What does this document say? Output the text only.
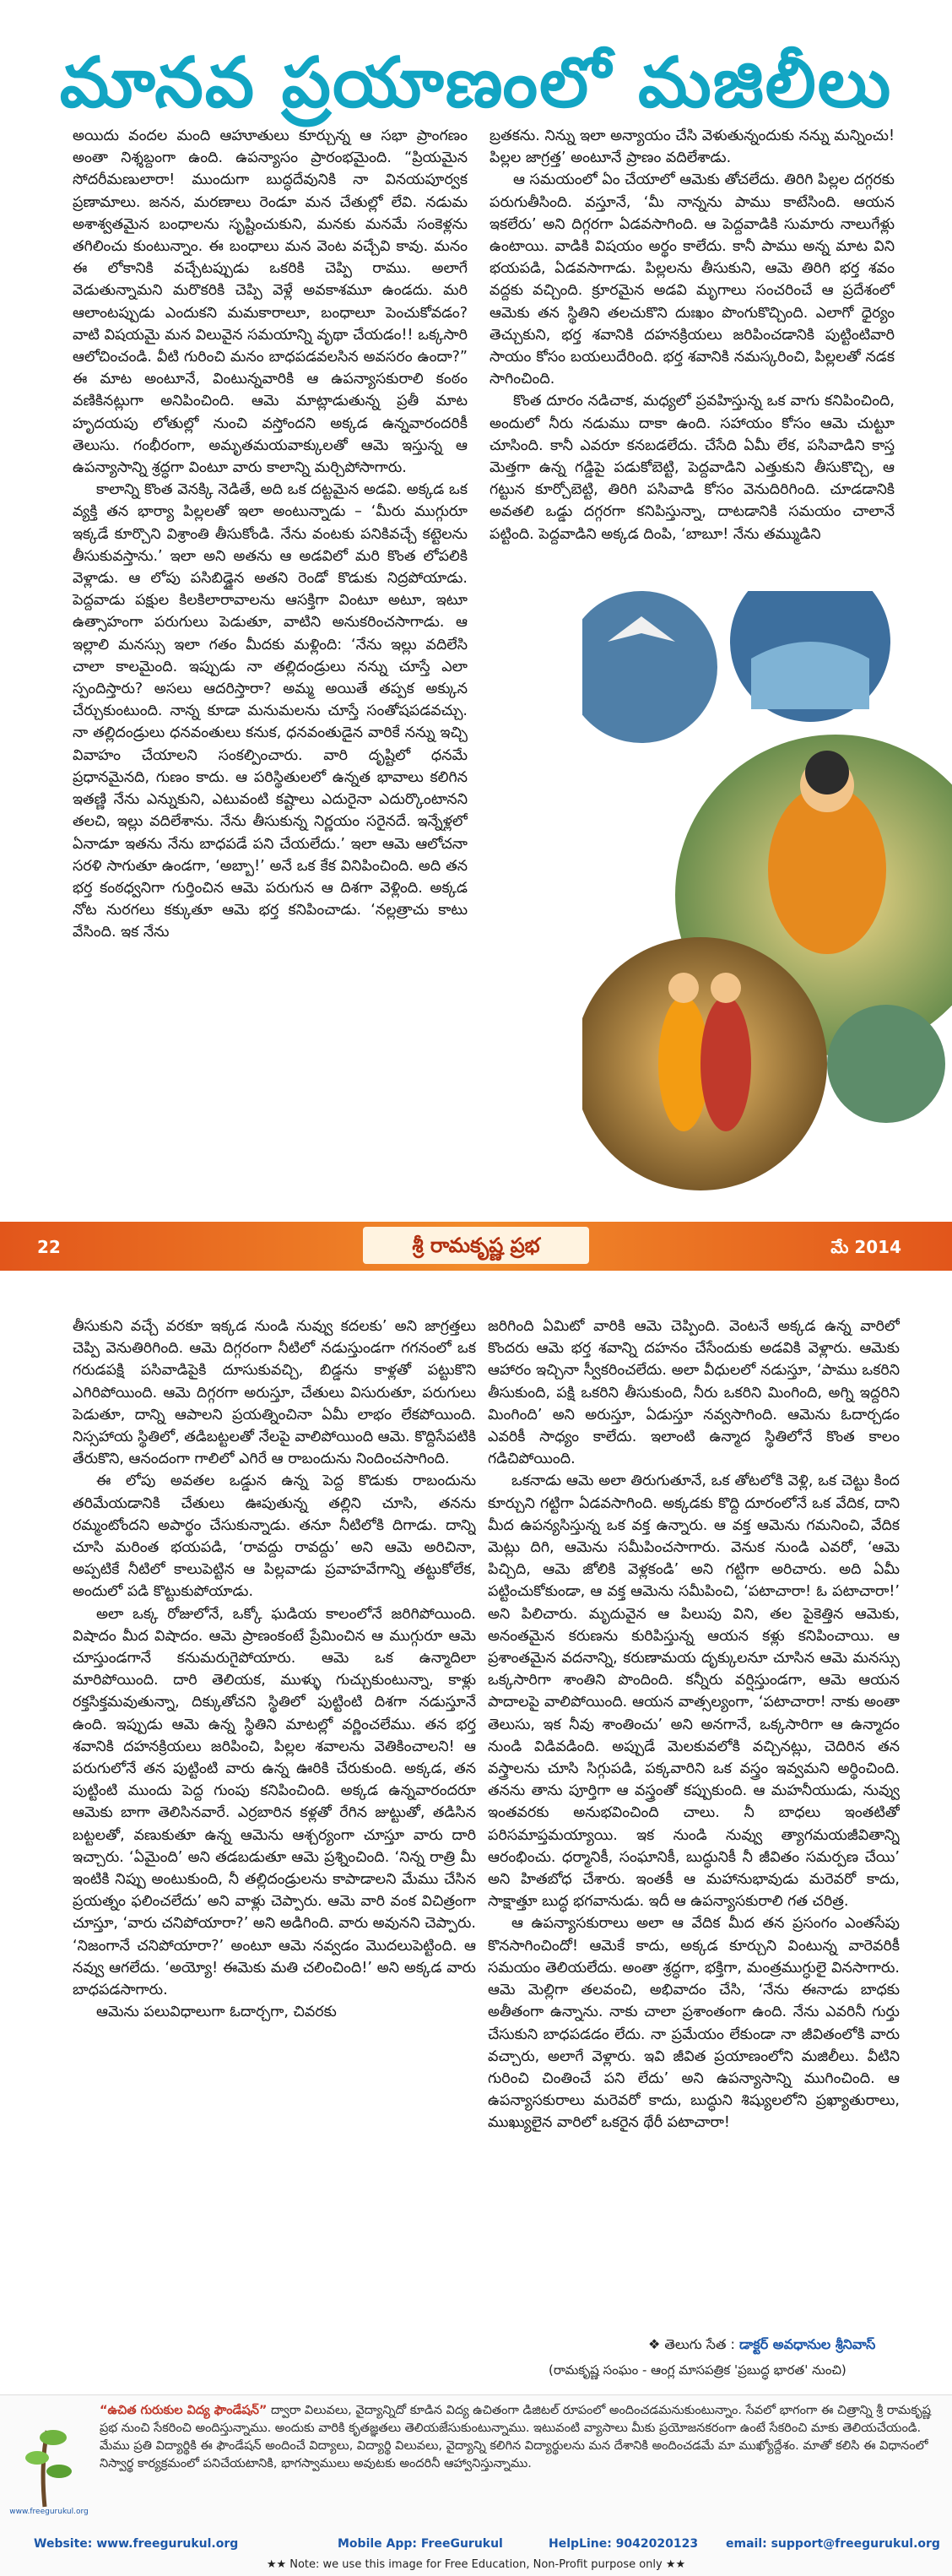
మానవ ప్రయాణంలో మజిలీలు

అయిదు వందల మంది ఆహూతులు కూర్చున్న ఆ సభా ప్రాంగణం అంతా నిశ్శబ్దంగా ఉంది. ఉపన్యాసం ప్రారంభమైంది. “ప్రియమైన సోదరీమణులారా! ముందుగా బుద్ధదేవునికి నా వినయపూర్వక ప్రణామాలు. జనన, మరణాలు రెండూ మన చేతుల్లో లేవి. నడుమ అశాశ్వతమైన బంధాలను సృష్టించుకుని, మనకు మనమే సంకెళ్లను తగిలించు కుంటున్నాం. ఈ బంధాలు మన వెంట వచ్చేవి కావు. మనం ఈ లోకానికి వచ్చేటప్పుడు ఒకరికి చెప్పి రాము. అలాగే వెడుతున్నామని మరొకరికి చెప్పి వెళ్లే అవకాశమూ ఉండదు. మరి ఆలాంటప్పుడు ఎందుకని మమకారాలూ, బంధాలూ పెంచుకోవడం? వాటి విషయమై మన విలువైన సమయాన్ని వృథా చేయడం!! ఒక్కసారి ఆలోచించండి. వీటి గురించి మనం బాధపడవలసిన అవసరం ఉందా?” ఈ మాట అంటూనే, వింటున్నవారికి ఆ ఉపన్యాసకురాలి కంఠం వణికినట్లుగా అనిపించింది. ఆమె మాట్లాడుతున్న ప్రతీ మాట హృదయపు లోతుల్లో నుంచి వస్తోందని అక్కడ ఉన్నవారందరికీ తెలుసు. గంభీరంగా, అమృతమయవాక్కులతో ఆమె ఇస్తున్న ఆ ఉపన్యాసాన్ని శ్రద్ధగా వింటూ వారు కాలాన్ని మర్చిపోసాగారు.

కాలాన్ని కొంత వెనక్కి నెడితే, అది ఒక దట్టమైన అడవి. అక్కడ ఒక వ్యక్తి తన భార్యా పిల్లలతో ఇలా అంటున్నాడు – ‘మీరు ముగ్గురూ ఇక్కడే కూర్చొని విశ్రాంతి తీసుకోండి. నేను వంటకు పనికివచ్చే కట్టెలను తీసుకువస్తాను.’ ఇలా అని అతను ఆ అడవిలో మరి కొంత లోపలికి వెళ్లాడు. ఆ లోపు పసిబిడ్డైన అతని రెండో కొడుకు నిద్రపోయాడు. పెద్దవాడు పక్షుల కిలకిలారావాలను ఆసక్తిగా వింటూ అటూ, ఇటూ ఉత్సాహంగా పరుగులు పెడుతూ, వాటిని అనుకరించసాగాడు. ఆ ఇల్లాలి మనస్సు ఇలా గతం మీదకు మళ్లింది: ‘నేను ఇల్లు వదిలేసి చాలా కాలమైంది. ఇప్పుడు నా తల్లిదండ్రులు నన్ను చూస్తే ఎలా స్పందిస్తారు? అసలు ఆదరిస్తారా? అమ్మ అయితే తప్పక అక్కున చేర్చుకుంటుంది. నాన్న కూడా మనుమలను చూస్తే సంతోషపడవచ్చు. నా తల్లిదండ్రులు ధనవంతులు కనుక, ధనవంతుడైన వారికే నన్ను ఇచ్చి వివాహం చేయాలని సంకల్పించారు. వారి దృష్టిలో ధనమే ప్రధానమైనది, గుణం కాదు. ఆ పరిస్థితులలో ఉన్నత భావాలు కలిగిన ఇతణ్ణి నేను ఎన్నుకుని, ఎటువంటి కష్టాలు ఎదురైనా ఎదుర్కొంటానని తలచి, ఇల్లు వదిలేశాను. నేను తీసుకున్న నిర్ణయం సరైనదే. ఇన్నేళ్లలో ఏనాడూ ఇతను నేను బాధపడే పని చేయలేదు.’ ఇలా ఆమె ఆలోచనా సరళి సాగుతూ ఉండగా, ‘అబ్బా!’ అనే ఒక కేక వినిపించింది. అది తన భర్త కంఠధ్వనిగా గుర్తించిన ఆమె పరుగున ఆ దిశగా వెళ్లింది. అక్కడ నోట నురగలు కక్కుతూ ఆమె భర్త కనిపించాడు. ‘నల్లత్రాచు కాటు వేసింది. ఇక నేను

బ్రతకను. నిన్ను ఇలా అన్యాయం చేసి వెళుతున్నందుకు నన్ను మన్నించు! పిల్లల జాగ్రత్త’ అంటూనే ప్రాణం వదిలేశాడు.

ఆ సమయంలో ఏం చేయాలో ఆమెకు తోచలేదు. తిరిగి పిల్లల దగ్గరకు పరుగుతీసింది. వస్తూనే, ‘మీ నాన్నను పాము కాటేసింది. ఆయన ఇకలేరు’ అని దిగ్గరగా ఏడవసాగింది. ఆ పెద్దవాడికి సుమారు నాలుగేళ్లు ఉంటాయి. వాడికి విషయం అర్థం కాలేదు. కానీ పాము అన్న మాట విని భయపడి, ఏడవసాగాడు. పిల్లలను తీసుకుని, ఆమె తిరిగి భర్త శవం వద్దకు వచ్చింది. క్రూరమైన అడవి మృగాలు సంచరించే ఆ ప్రదేశంలో ఆమెకు తన స్థితిని తలచుకొని దుఃఖం పొంగుకొచ్చింది. ఎలాగో ధైర్యం తెచ్చుకుని, భర్త శవానికి దహనక్రియలు జరిపించడానికి పుట్టింటివారి సాయం కోసం బయలుదేరింది. భర్త శవానికి నమస్కరించి, పిల్లలతో నడక సాగించింది.

కొంత దూరం నడిచాక, మధ్యలో ప్రవహిస్తున్న ఒక వాగు కనిపించింది, అందులో నీరు నడుము దాకా ఉంది. సహాయం కోసం ఆమె చుట్టూ చూసింది. కానీ ఎవరూ కనబడలేదు. చేసేది ఏమీ లేక, పసివాడిని కాస్త మెత్తగా ఉన్న గడ్డిపై పడుకోబెట్టి, పెద్దవాడిని ఎత్తుకుని తీసుకొచ్చి, ఆ గట్టున కూర్చోబెట్టి, తిరిగి పసివాడి కోసం వెనుదిరిగింది. చూడడానికి అవతలి ఒడ్డు దగ్గరగా కనిపిస్తున్నా, దాటడానికి సమయం చాలానే పట్టింది. పెద్దవాడిని అక్కడ దింపి, ‘బాబూ! నేను తమ్ముడిని

22	శ్రీ రామకృష్ణ ప్రభ	మే 2014

తీసుకుని వచ్చే వరకూ ఇక్కడ నుండి నువ్వు కదలకు’ అని జాగ్రత్తలు చెప్పి వెనుతిరిగింది. ఆమె దిగ్గరంగా నీటిలో నడుస్తుండగా గగనంలో ఒక గరుడపక్షి పసివాడిపైకి దూసుకువచ్చి, బిడ్డను కాళ్లతో పట్టుకొని ఎగిరిపోయింది. ఆమె దిగ్గరగా అరుస్తూ, చేతులు విసురుతూ, పరుగులు పెడుతూ, దాన్ని ఆపాలని ప్రయత్నించినా ఏమీ లాభం లేకపోయింది. నిస్సహాయ స్థితిలో, తడిబట్టలతో నేలపై వాలిపోయింది ఆమె. కొద్దిసేపటికి తేరుకొని, ఆనందంగా గాలిలో ఎగిరే ఆ రాబందును నిందించసాగింది.

ఈ లోపు అవతల ఒడ్డున ఉన్న పెద్ద కొడుకు రాబందును తరిమేయడానికి చేతులు ఊపుతున్న తల్లిని చూసి, తనను రమ్మంటోందని అపార్థం చేసుకున్నాడు. తనూ నీటిలోకి దిగాడు. దాన్ని చూసి మరింత భయపడి, ‘రావద్దు రావద్దు’ అని ఆమె అరిచినా, అప్పటికే నీటిలో కాలుపెట్టిన ఆ పిల్లవాడు ప్రవాహవేగాన్ని తట్టుకోలేక, అందులో పడి కొట్టుకుపోయాడు.

అలా ఒక్క రోజులోనే, ఒక్కో ఘడియ కాలంలోనే జరిగిపోయింది. విషాదం మీద విషాదం. ఆమె ప్రాణంకంటే ప్రేమించిన ఆ ముగ్గురూ ఆమె చూస్తుండగానే కనుమరుగైపోయారు. ఆమె ఒక ఉన్మాదిలా మారిపోయింది. దారి తెలియక, ముళ్ళు గుచ్చుకుంటున్నా, కాళ్లు రక్తసిక్తమవుతున్నా, దిక్కుతోచని స్థితిలో పుట్టింటి దిశగా నడుస్తూనే ఉంది. ఇప్పుడు ఆమె ఉన్న స్థితిని మాటల్లో వర్ణించలేము. తన భర్త శవానికి దహనక్రియలు జరిపించి, పిల్లల శవాలను వెతికించాలని! ఆ పరుగులోనే తన పుట్టింటి వారు ఉన్న ఊరికి చేరుకుంది. అక్కడ, తన పుట్టింటి ముందు పెద్ద గుంపు కనిపించింది. అక్కడ ఉన్నవారందరూ ఆమెకు బాగా తెలిసినవారే. ఎర్రబారిన కళ్లతో రేగిన జుట్టుతో, తడిసిన బట్టలతో, వణుకుతూ ఉన్న ఆమెను ఆశ్చర్యంగా చూస్తూ వారు దారి ఇచ్చారు. ‘ఏమైంది’ అని తడబడుతూ ఆమె ప్రశ్నించింది. ‘నిన్న రాత్రి మీ ఇంటికి నిప్పు అంటుకుంది, నీ తల్లిదండ్రులను కాపాడాలని మేము చేసిన ప్రయత్నం ఫలించలేదు’ అని వాళ్లు చెప్పారు. ఆమె వారి వంక విచిత్రంగా చూస్తూ, ‘వారు చనిపోయారా?’ అని అడిగింది. వారు అవునని చెప్పారు. ‘నిజంగానే చనిపోయారా?’ అంటూ ఆమె నవ్వడం మొదలుపెట్టింది. ఆ నవ్వు ఆగలేదు. ‘అయ్యో! ఈమెకు మతి చలించింది!’ అని అక్కడ వారు బాధపడసాగారు.

ఆమెను పలువిధాలుగా ఓదార్చగా, చివరకు

జరిగింది ఏమిటో వారికి ఆమె చెప్పింది. వెంటనే అక్కడ ఉన్న వారిలో కొందరు ఆమె భర్త శవాన్ని దహనం చేసేందుకు అడవికి వెళ్లారు. ఆమెకు ఆహారం ఇచ్చినా స్వీకరించలేదు. అలా వీధులలో నడుస్తూ, ‘పాము ఒకరిని తీసుకుంది, పక్షి ఒకరిని తీసుకుంది, నీరు ఒకరిని మింగింది, అగ్ని ఇద్దరిని మింగింది’ అని అరుస్తూ, ఏడుస్తూ నవ్వసాగింది. ఆమెను ఓదార్చడం ఎవరికీ సాధ్యం కాలేదు. ఇలాంటి ఉన్మాద స్థితిలోనే కొంత కాలం గడిచిపోయింది.

ఒకనాడు ఆమె అలా తిరుగుతూనే, ఒక తోటలోకి వెళ్లి, ఒక చెట్టు కింద కూర్చుని గట్టిగా ఏడవసాగింది. అక్కడకు కొద్ది దూరంలోనే ఒక వేదిక, దాని మీద ఉపన్యసిస్తున్న ఒక వక్త ఉన్నారు. ఆ వక్త ఆమెను గమనించి, వేదిక మెట్లు దిగి, ఆమెను సమీపించసాగారు. వెనుక నుండి ఎవరో, ‘ఆమె పిచ్చిది, ఆమె జోలికి వెళ్లకండి’ అని గట్టిగా అరిచారు. అది ఏమీ పట్టించుకోకుండా, ఆ వక్త ఆమెను సమీపించి, ‘పటాచారా! ఓ పటాచారా!’ అని పిలిచారు. మృదువైన ఆ పిలుపు విని, తల పైకెత్తిన ఆమెకు, అనంతమైన కరుణను కురిపిస్తున్న ఆయన కళ్లు కనిపించాయి. ఆ ప్రశాంతమైన వదనాన్ని, కరుణామయ దృక్కులనూ చూసిన ఆమె మనస్సు ఒక్కసారిగా శాంతిని పొందింది. కన్నీరు వర్షిస్తుండగా, ఆమె ఆయన పాదాలపై వాలిపోయింది. ఆయన వాత్సల్యంగా, ‘పటాచారా! నాకు అంతా తెలుసు, ఇక నీవు శాంతించు’ అని అనగానే, ఒక్కసారిగా ఆ ఉన్మాదం నుండి విడివడింది. అప్పుడే మెలకువలోకి వచ్చినట్లు, చెదిరిన తన వస్త్రాలను చూసి సిగ్గుపడి, పక్కవారిని ఒక వస్త్రం ఇవ్వమని అర్థించింది. తనను తాను పూర్తిగా ఆ వస్త్రంతో కప్పుకుంది. ఆ మహనీయుడు, నువ్వు ఇంతవరకు అనుభవించింది చాలు. నీ బాధలు ఇంతటితో పరిసమాప్తమయ్యాయి. ఇక నుండి నువ్వు త్యాగమయజీవితాన్ని ఆరంభించు. ధర్మానికీ, సంఘానికీ, బుద్ధునికీ నీ జీవితం సమర్పణ చేయి’ అని హితబోధ చేశారు. ఇంతకీ ఆ మహానుభావుడు మరెవరో కాదు, సాక్షాత్తూ బుద్ధ భగవానుడు. ఇదీ ఆ ఉపన్యాసకురాలి గత చరిత్ర.

ఆ ఉపన్యాసకురాలు అలా ఆ వేదిక మీద తన ప్రసంగం ఎంతసేపు కొనసాగించిందో! ఆమెకే కాదు, అక్కడ కూర్చుని వింటున్న వారెవరికీ సమయం తెలియలేదు. అంతా శ్రద్ధగా, భక్తిగా, మంత్రముగ్ధులై వినసాగారు. ఆమె మెల్లిగా తలవంచి, అభివాదం చేసి, ‘నేను ఈనాడు బాధకు అతీతంగా ఉన్నాను. నాకు చాలా ప్రశాంతంగా ఉంది. నేను ఎవరినీ గుర్తు చేసుకుని బాధపడడం లేదు. నా ప్రమేయం లేకుండా నా జీవితంలోకి వారు వచ్చారు, అలాగే వెళ్లారు. ఇవి జీవిత ప్రయాణంలోని మజిలీలు. వీటిని గురించి చింతించే పని లేదు’ అని ఉపన్యాసాన్ని ముగించింది. ఆ ఉపన్యాసకురాలు మరెవరో కాదు, బుద్ధుని శిష్యులలోని ప్రఖ్యాతురాలు, ముఖ్యులైన వారిలో ఒకరైన థేరీ పటాచారా!

❖ తెలుగు సేత : డాక్టర్ అవధానుల శ్రీనివాస్
(రామకృష్ణ సంఘం - ఆంగ్ల మాసపత్రిక 'ప్రబుద్ధ భారత' నుంచి)
www.freegurukul.org
“ఉచిత గురుకుల విద్య ఫౌండేషన్” ద్వారా విలువలు, వైద్యాన్నిదో కూడిన విద్య ఉచితంగా డిజిటల్ రూపంలో అందించడమనుకుంటున్నాం. సేవలో భాగంగా ఈ చిత్రాన్ని శ్రీ రామకృష్ణ ప్రభ నుంచి సేకరించి అందిస్తున్నాము. అందుకు వారికి కృతజ్ఞతలు తెలియజేసుకుంటున్నాము. ఇటువంటి వ్యాసాలు మీకు ప్రయోజనకరంగా ఉంటే సేకరించి మాకు తెలియచేయండి. మేము ప్రతి విద్యార్థికి ఈ ఫౌండేషన్ అందించే విద్యాలు, విద్యార్థి విలువలు, వైద్యాన్ని కలిగిన విద్యార్థులను మన దేశానికి అందించడమే మా ముఖ్యోద్దేశం. మాతో కలిసి ఈ విధానంలో నిస్వార్థ కార్యక్రమంలో పనిచేయటానికి, భాగస్వాములు అవుటకు అందరినీ ఆహ్వానిస్తున్నాము.
Website: www.freegurukul.org	Mobile App: FreeGurukul	HelpLine: 9042020123 email: support@freegurukul.org
★★ Note: we use this image for Free Education, Non-Profit purpose only ★★
